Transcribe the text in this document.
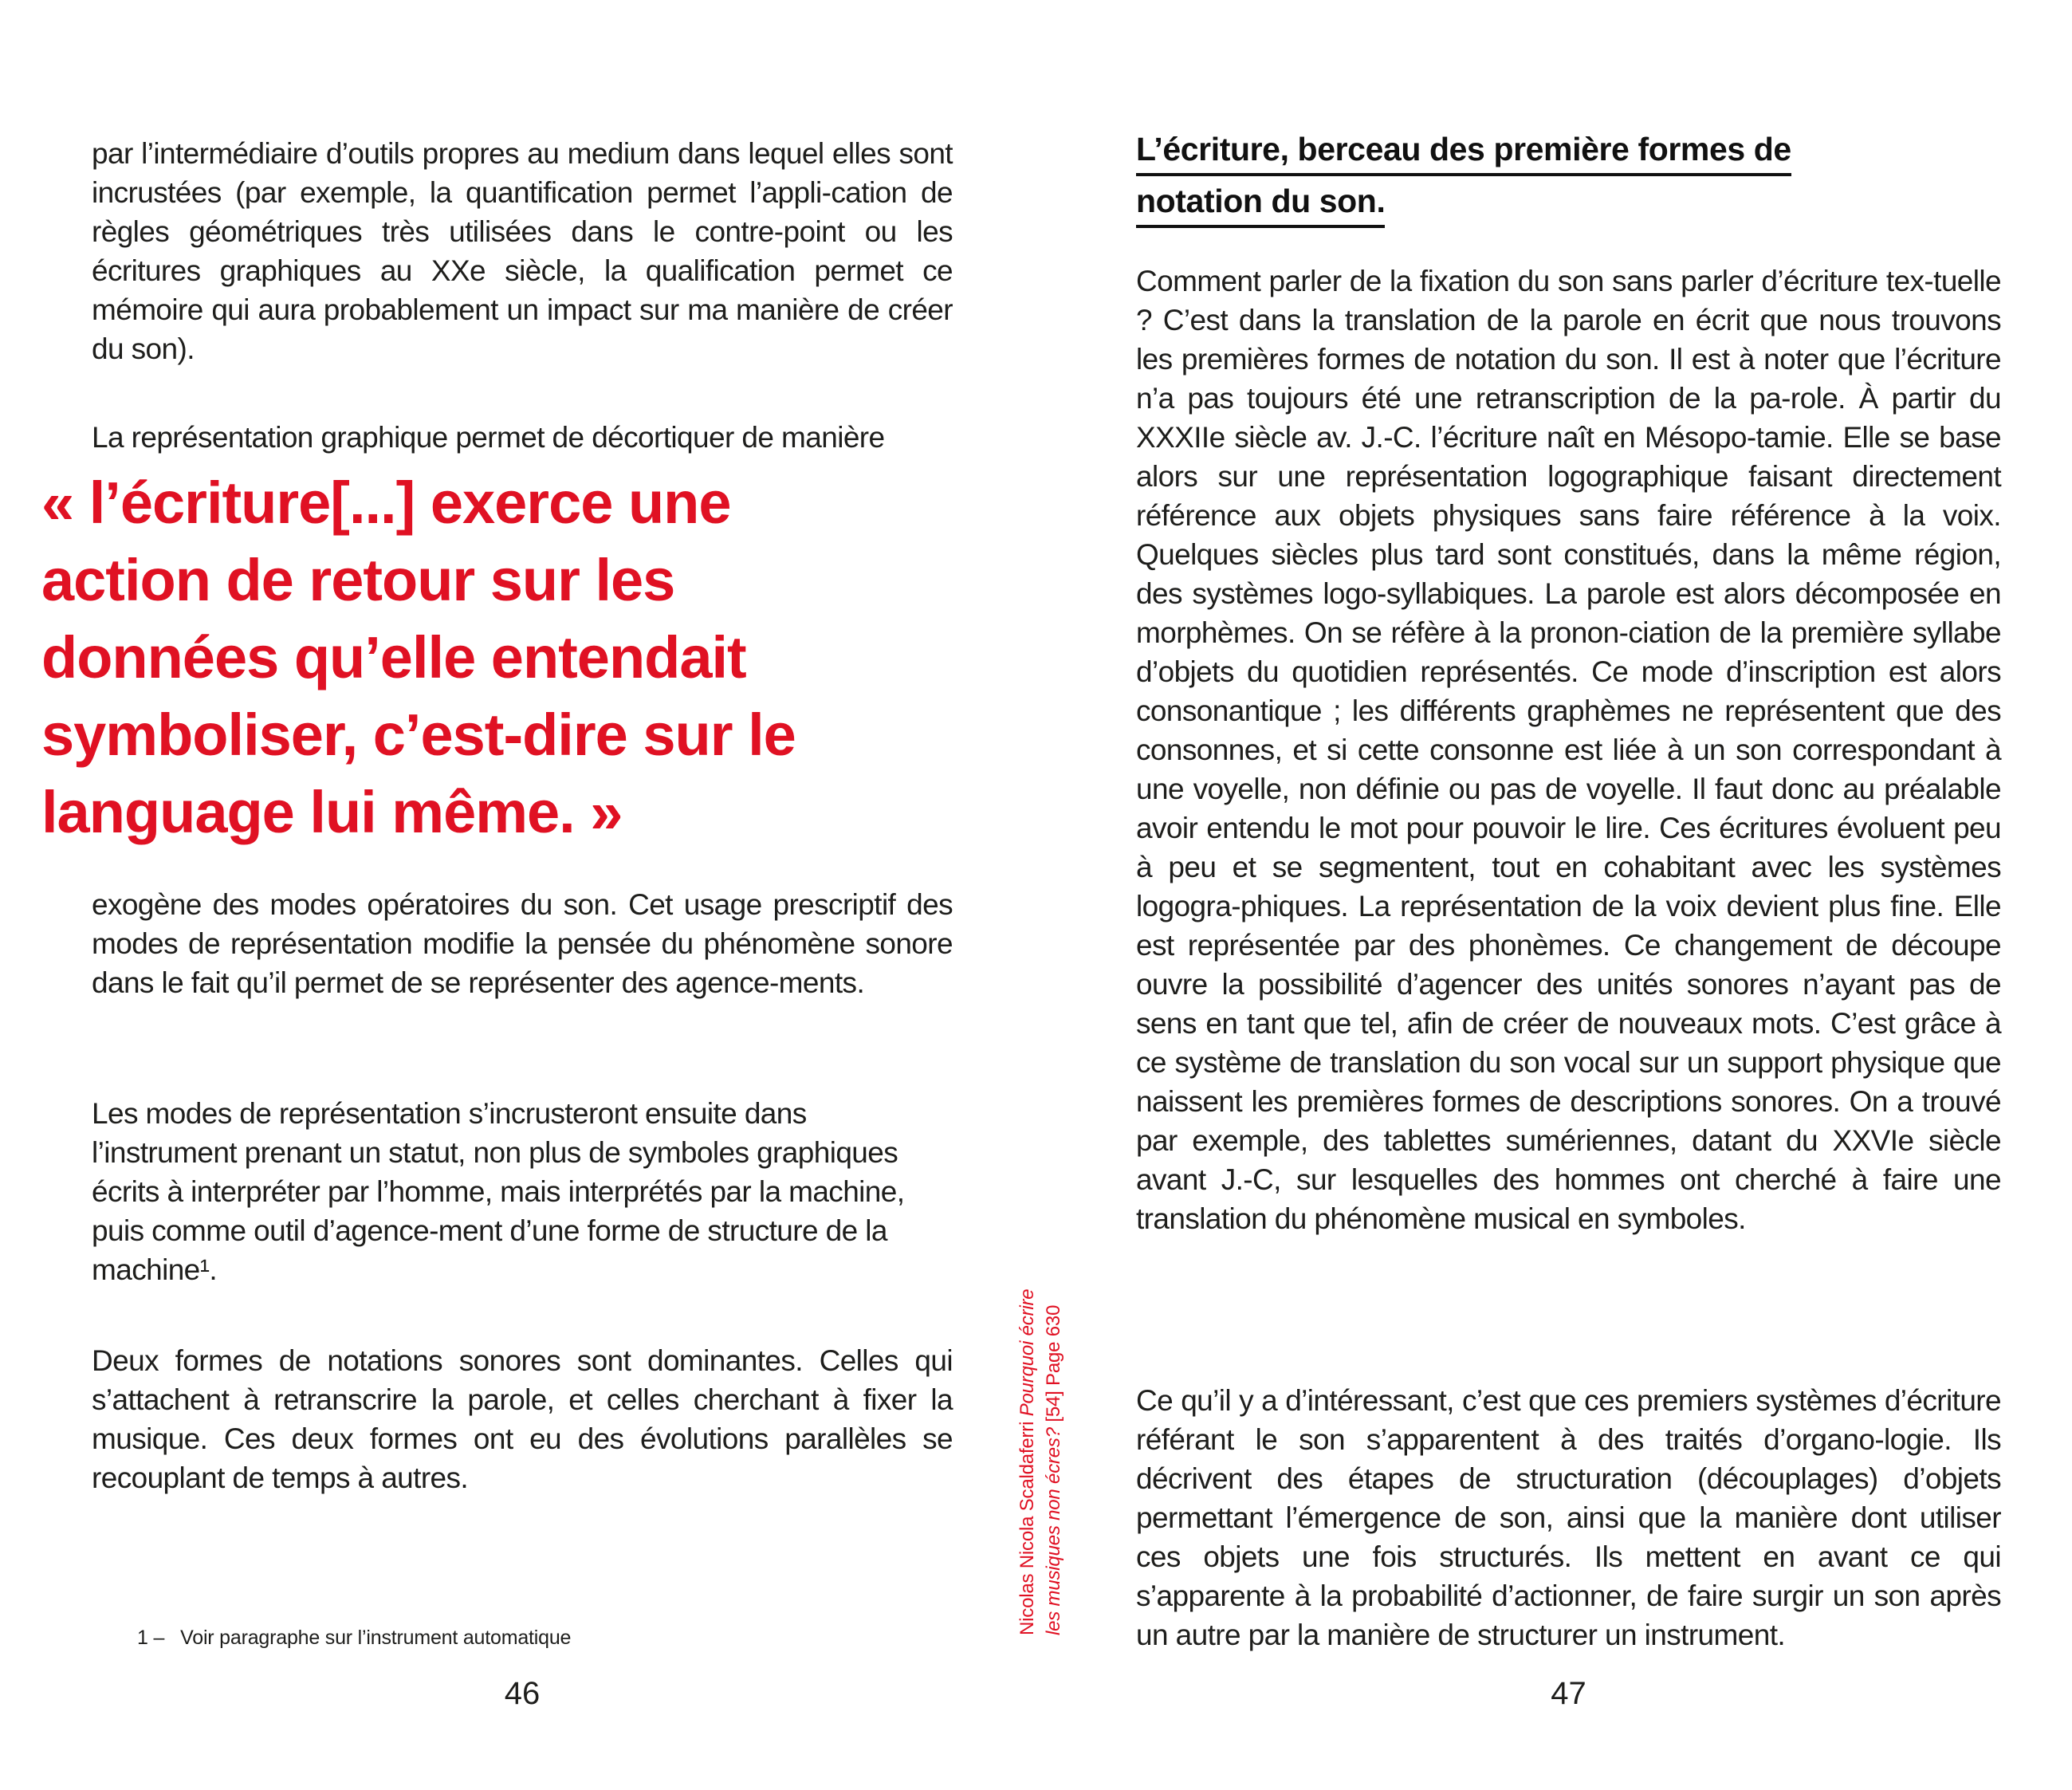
par l’intermédiaire d’outils propres au medium dans lequel elles sont incrustées (par exemple, la quantification permet l’appli-cation de règles géométriques très utilisées dans le contre-point ou les écritures graphiques au XXe siècle, la qualification permet ce mémoire qui aura probablement un impact sur ma manière de créer du son).
La représentation graphique permet de décortiquer de manière
« l’écriture[...] exerce une
action de retour sur les
données qu’elle entendait
symboliser, c’est-dire sur le
language lui même. »
exogène des modes opératoires du son. Cet usage prescriptif des modes de représentation modifie la pensée du phénomène sonore dans le fait qu’il permet de se représenter des agence-ments.
Les modes de représentation s’incrusteront ensuite dans l’instrument prenant un statut, non plus de symboles graphiques écrits à interpréter par l’homme, mais interprétés par la machine, puis comme outil d’agence-ment d’une forme de structure de la machine¹.
Deux formes de notations sonores sont dominantes. Celles qui s’attachent à retranscrire la parole, et celles cherchant à fixer la musique. Ces deux formes ont eu des évolutions parallèles se recouplant de temps à autres.
1 – Voir paragraphe sur l’instrument automatique
46
L’écriture, berceau des première formes de
notation du son.
Comment parler de la fixation du son sans parler d’écriture tex-tuelle ? C’est dans la translation de la parole en écrit que nous trouvons les premières formes de notation du son. Il est à noter que l’écriture n’a pas toujours été une retranscription de la pa-role. À partir du XXXIIe siècle av. J.-C. l’écriture naît en Mésopo-tamie. Elle se base alors sur une représentation logographique faisant directement référence aux objets physiques sans faire référence à la voix. Quelques siècles plus tard sont constitués, dans la même région, des systèmes logo-syllabiques. La parole est alors décomposée en morphèmes. On se réfère à la pronon-ciation de la première syllabe d’objets du quotidien représentés. Ce mode d’inscription est alors consonantique ; les différents graphèmes ne représentent que des consonnes, et si cette consonne est liée à un son correspondant à une voyelle, non définie ou pas de voyelle. Il faut donc au préalable avoir entendu le mot pour pouvoir le lire. Ces écritures évoluent peu à peu et se segmentent, tout en cohabitant avec les systèmes logogra-phiques. La représentation de la voix devient plus fine. Elle est représentée par des phonèmes. Ce changement de découpe ouvre la possibilité d’agencer des unités sonores n’ayant pas de sens en tant que tel, afin de créer de nouveaux mots. C’est grâce à ce système de translation du son vocal sur un support physique que naissent les premières formes de descriptions sonores. On a trouvé par exemple, des tablettes sumériennes, datant du XXVIe siècle avant J.-C, sur lesquelles des hommes ont cherché à faire une translation du phénomène musical en symboles.
Ce qu’il y a d’intéressant, c’est que ces premiers systèmes d’écriture référant le son s’apparentent à des traités d’organo-logie. Ils décrivent des étapes de structuration (découplages) d’objets permettant l’émergence de son, ainsi que la manière dont utiliser ces objets une fois structurés. Ils mettent en avant ce qui s’apparente à la probabilité d’actionner, de faire surgir un son après un autre par la manière de structurer un instrument.
Nicolas Nicola Scaldaferri Pourquoi écrire
les musiques non écres? [54] Page 630
47
